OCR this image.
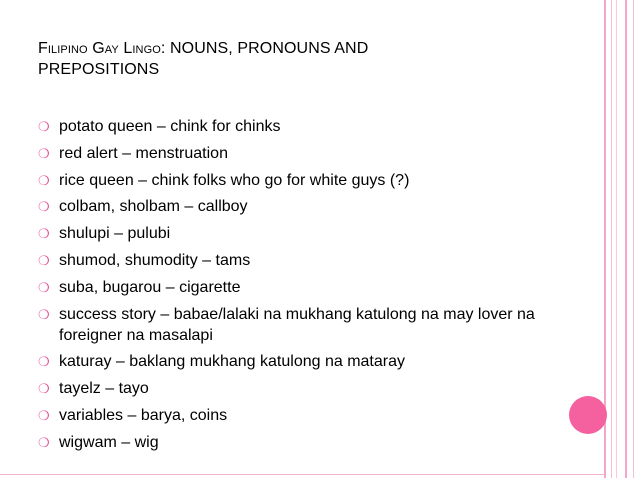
Filipino Gay Lingo: NOUNS, PRONOUNS AND
PREPOSITIONS
❍ potato queen – chink for chinks
❍ red alert – menstruation
❍ rice queen – chink folks who go for white guys (?)
❍ colbam, sholbam – callboy
❍ shulupi – pulubi
❍ shumod, shumodity – tams
❍ suba, bugarou – cigarette
❍ success story – babae/lalaki na mukhang katulong na may lover na foreigner na masalapi
❍ katuray – baklang mukhang katulong na mataray
❍ tayelz – tayo
❍ variables – barya, coins
❍ wigwam – wig
